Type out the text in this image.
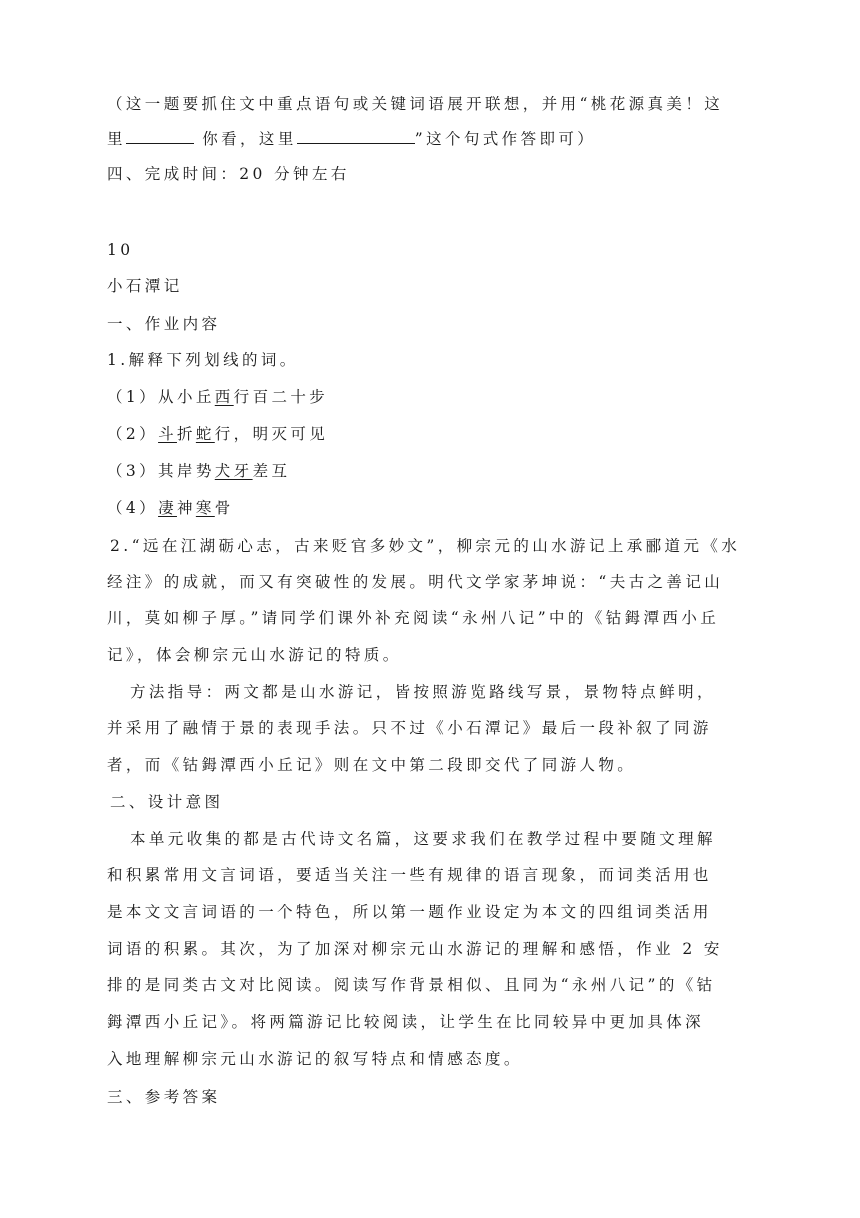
（这一题要抓住文中重点语句或关键词语展开联想，并用“桃花源真美！这
里	你看，这里	”这个句式作答即可）
四、完成时间：20 分钟左右
10
小石潭记
一、作业内容
1.解释下列划线的词。
（1）从小丘西行百二十步
（2）斗折蛇行，明灭可见
（3）其岸势犬牙差互
（4）凄神寒骨
2.“远在江湖砺心志，古来贬官多妙文”，柳宗元的山水游记上承郦道元《水
经注》的成就，而又有突破性的发展。明代文学家茅坤说：“夫古之善记山
川，莫如柳子厚。”请同学们课外补充阅读“永州八记”中的《钴鉧潭西小丘
记》，体会柳宗元山水游记的特质。
方法指导：两文都是山水游记，皆按照游览路线写景，景物特点鲜明，
并采用了融情于景的表现手法。只不过《小石潭记》最后一段补叙了同游
者，而《钴鉧潭西小丘记》则在文中第二段即交代了同游人物。
二、设计意图
本单元收集的都是古代诗文名篇，这要求我们在教学过程中要随文理解
和积累常用文言词语，要适当关注一些有规律的语言现象，而词类活用也
是本文文言词语的一个特色，所以第一题作业设定为本文的四组词类活用
词语的积累。其次，为了加深对柳宗元山水游记的理解和感悟，作业 2 安
排的是同类古文对比阅读。阅读写作背景相似、且同为“永州八记”的《钴
鉧潭西小丘记》。将两篇游记比较阅读，让学生在比同较异中更加具体深
入地理解柳宗元山水游记的叙写特点和情感态度。
三、参考答案
